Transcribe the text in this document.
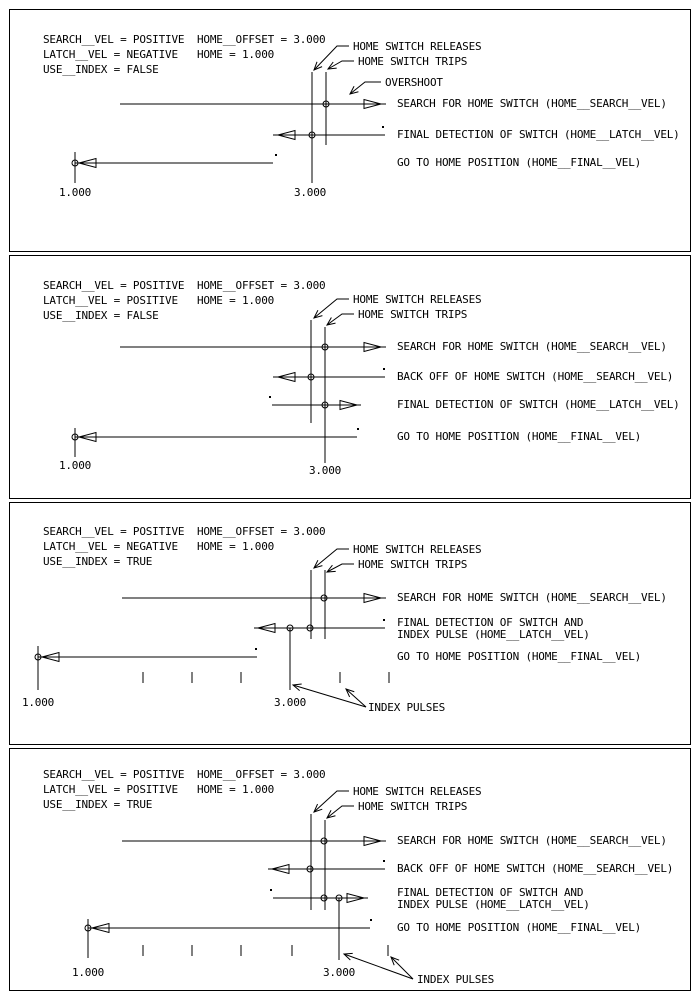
SEARCH__VEL = POSITIVE HOME__OFFSET = 3.000
LATCH__VEL = NEGATIVE HOME = 1.000
USE__INDEX = FALSE
HOME SWITCH RELEASES
HOME SWITCH TRIPS
OVERSHOOT
SEARCH FOR HOME SWITCH (HOME__SEARCH__VEL)
FINAL DETECTION OF SWITCH (HOME__LATCH__VEL)
GO TO HOME POSITION (HOME__FINAL__VEL)
1.000	3.000
SEARCH__VEL = POSITIVE HOME__OFFSET = 3.000
LATCH__VEL = POSITIVE HOME = 1.000
USE__INDEX = FALSE
HOME SWITCH RELEASES
HOME SWITCH TRIPS
SEARCH FOR HOME SWITCH (HOME__SEARCH__VEL)
BACK OFF OF HOME SWITCH (HOME__SEARCH__VEL)
FINAL DETECTION OF SWITCH (HOME__LATCH__VEL)
GO TO HOME POSITION (HOME__FINAL__VEL)
1.000	3.000
SEARCH__VEL = POSITIVE HOME__OFFSET = 3.000
LATCH__VEL = NEGATIVE HOME = 1.000
USE__INDEX = TRUE
HOME SWITCH RELEASES
HOME SWITCH TRIPS
SEARCH FOR HOME SWITCH (HOME__SEARCH__VEL)
FINAL DETECTION OF SWITCH AND
INDEX PULSE (HOME__LATCH__VEL)
GO TO HOME POSITION (HOME__FINAL__VEL)
1.000	3.000	INDEX PULSES
SEARCH__VEL = POSITIVE HOME__OFFSET = 3.000
LATCH__VEL = POSITIVE HOME = 1.000
USE__INDEX = TRUE
HOME SWITCH RELEASES
HOME SWITCH TRIPS
SEARCH FOR HOME SWITCH (HOME__SEARCH__VEL)
BACK OFF OF HOME SWITCH (HOME__SEARCH__VEL)
FINAL DETECTION OF SWITCH AND
INDEX PULSE (HOME__LATCH__VEL)
GO TO HOME POSITION (HOME__FINAL__VEL)
1.000	3.000
INDEX PULSES
